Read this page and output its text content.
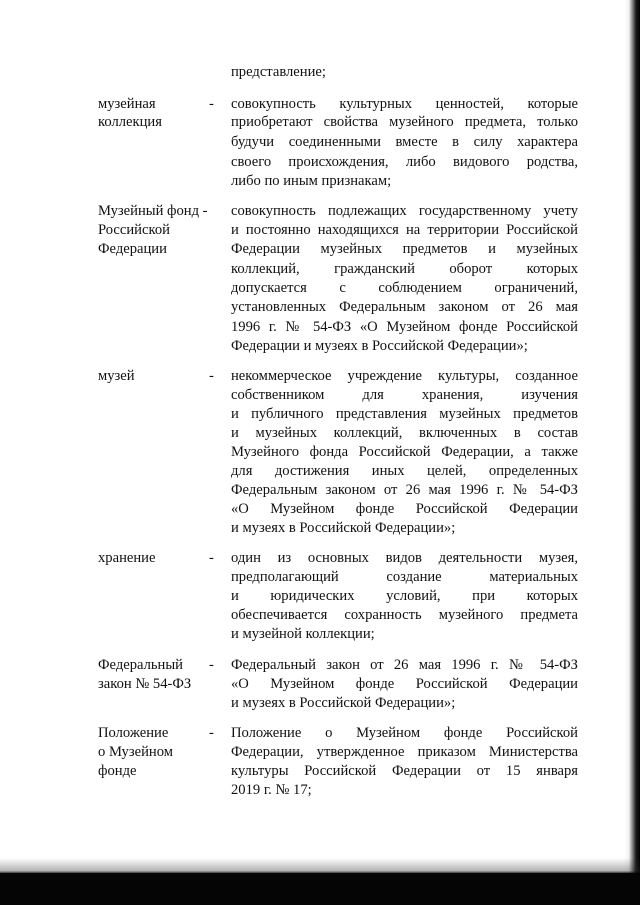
представление;
музейная
коллекция
- совокупность культурных ценностей, которые
приобретают свойства музейного предмета, только
будучи соединенными вместе в силу характера
своего происхождения, либо видового родства,
либо по иным признакам;
Музейный фонд -
Российской
Федерации
совокупность подлежащих государственному учету
и постоянно находящихся на территории Российской
Федерации музейных предметов и музейных
коллекций, гражданский оборот которых
допускается с соблюдением ограничений,
установленных Федеральным законом от 26 мая
1996 г. № 54-ФЗ «О Музейном фонде Российской
Федерации и музеях в Российской Федерации»;
музей	- некоммерческое учреждение культуры, созданное
собственником для хранения, изучения
и публичного представления музейных предметов
и музейных коллекций, включенных в состав
Музейного фонда Российской Федерации, а также
для достижения иных целей, определенных
Федеральным законом от 26 мая 1996 г. № 54-ФЗ
«О Музейном фонде Российской Федерации
и музеях в Российской Федерации»;
хранение	- один из основных видов деятельности музея,
предполагающий создание материальных
и юридических условий, при которых
обеспечивается сохранность музейного предмета
и музейной коллекции;
Федеральный
закон № 54-ФЗ
- Федеральный закон от 26 мая 1996 г. № 54-ФЗ
«О Музейном фонде Российской Федерации
и музеях в Российской Федерации»;
Положение
о Музейном
фонде
- Положение о Музейном фонде Российской
Федерации, утвержденное приказом Министерства
культуры Российской Федерации от 15 января
2019 г. № 17;
